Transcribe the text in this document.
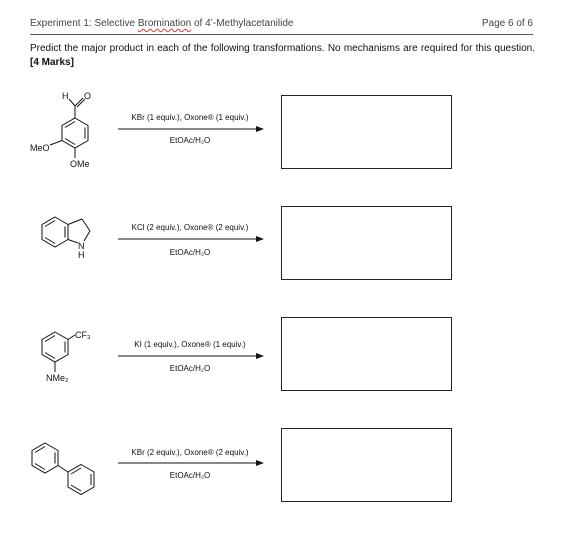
Experiment 1: Selective Bromination of 4’-Methylacetanilide	Page 6 of 6
Predict the major product in each of the following transformations. No mechanisms are required for this question. [4 Marks]
H O
MeO
OMe
KBr (1 equiv.), Oxone® (1 equiv.)
EtOAc/H₂O
N
H
KCl (2 equiv.), Oxone® (2 equiv.)
EtOAc/H₂O
CF₃
NMe₂
KI (1 equiv.), Oxone® (1 equiv.)
EtOAc/H₂O
KBr (2 equiv.), Oxone® (2 equiv.)
EtOAc/H₂O
